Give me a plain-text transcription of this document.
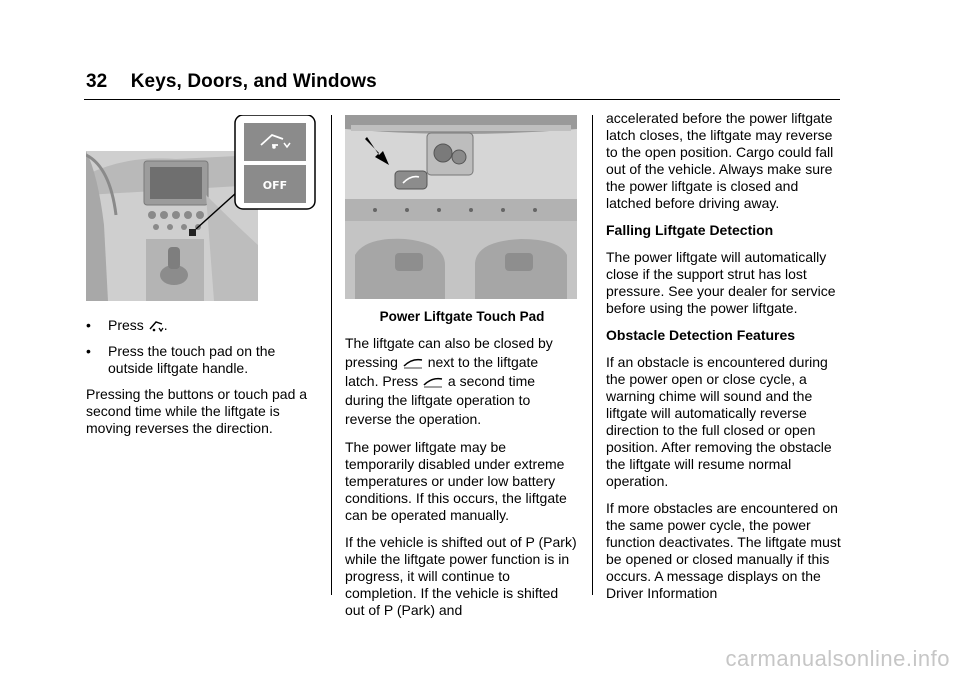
32 Keys, Doors, and Windows
OFF
•	Press .
•	Press the touch pad on the outside liftgate handle.

Pressing the buttons or touch pad a second time while the liftgate is moving reverses the direction.

Power Liftgate Touch Pad

The liftgate can also be closed by
pressing next to the liftgate
latch. Press a second time
during the liftgate operation to reverse the operation.

The power liftgate may be temporarily disabled under extreme temperatures or under low battery conditions. If this occurs, the liftgate can be operated manually.

If the vehicle is shifted out of P (Park) while the liftgate power function is in progress, it will continue to completion. If the vehicle is shifted out of P (Park) and

accelerated before the power liftgate latch closes, the liftgate may reverse to the open position. Cargo could fall out of the vehicle. Always make sure the power liftgate is closed and latched before driving away.

Falling Liftgate Detection

The power liftgate will automatically close if the support strut has lost pressure. See your dealer for service before using the power liftgate.

Obstacle Detection Features

If an obstacle is encountered during the power open or close cycle, a warning chime will sound and the liftgate will automatically reverse direction to the full closed or open position. After removing the obstacle the liftgate will resume normal operation.

If more obstacles are encountered on the same power cycle, the power function deactivates. The liftgate must be opened or closed manually if this occurs. A message displays on the Driver Information

carmanualsonline.info
